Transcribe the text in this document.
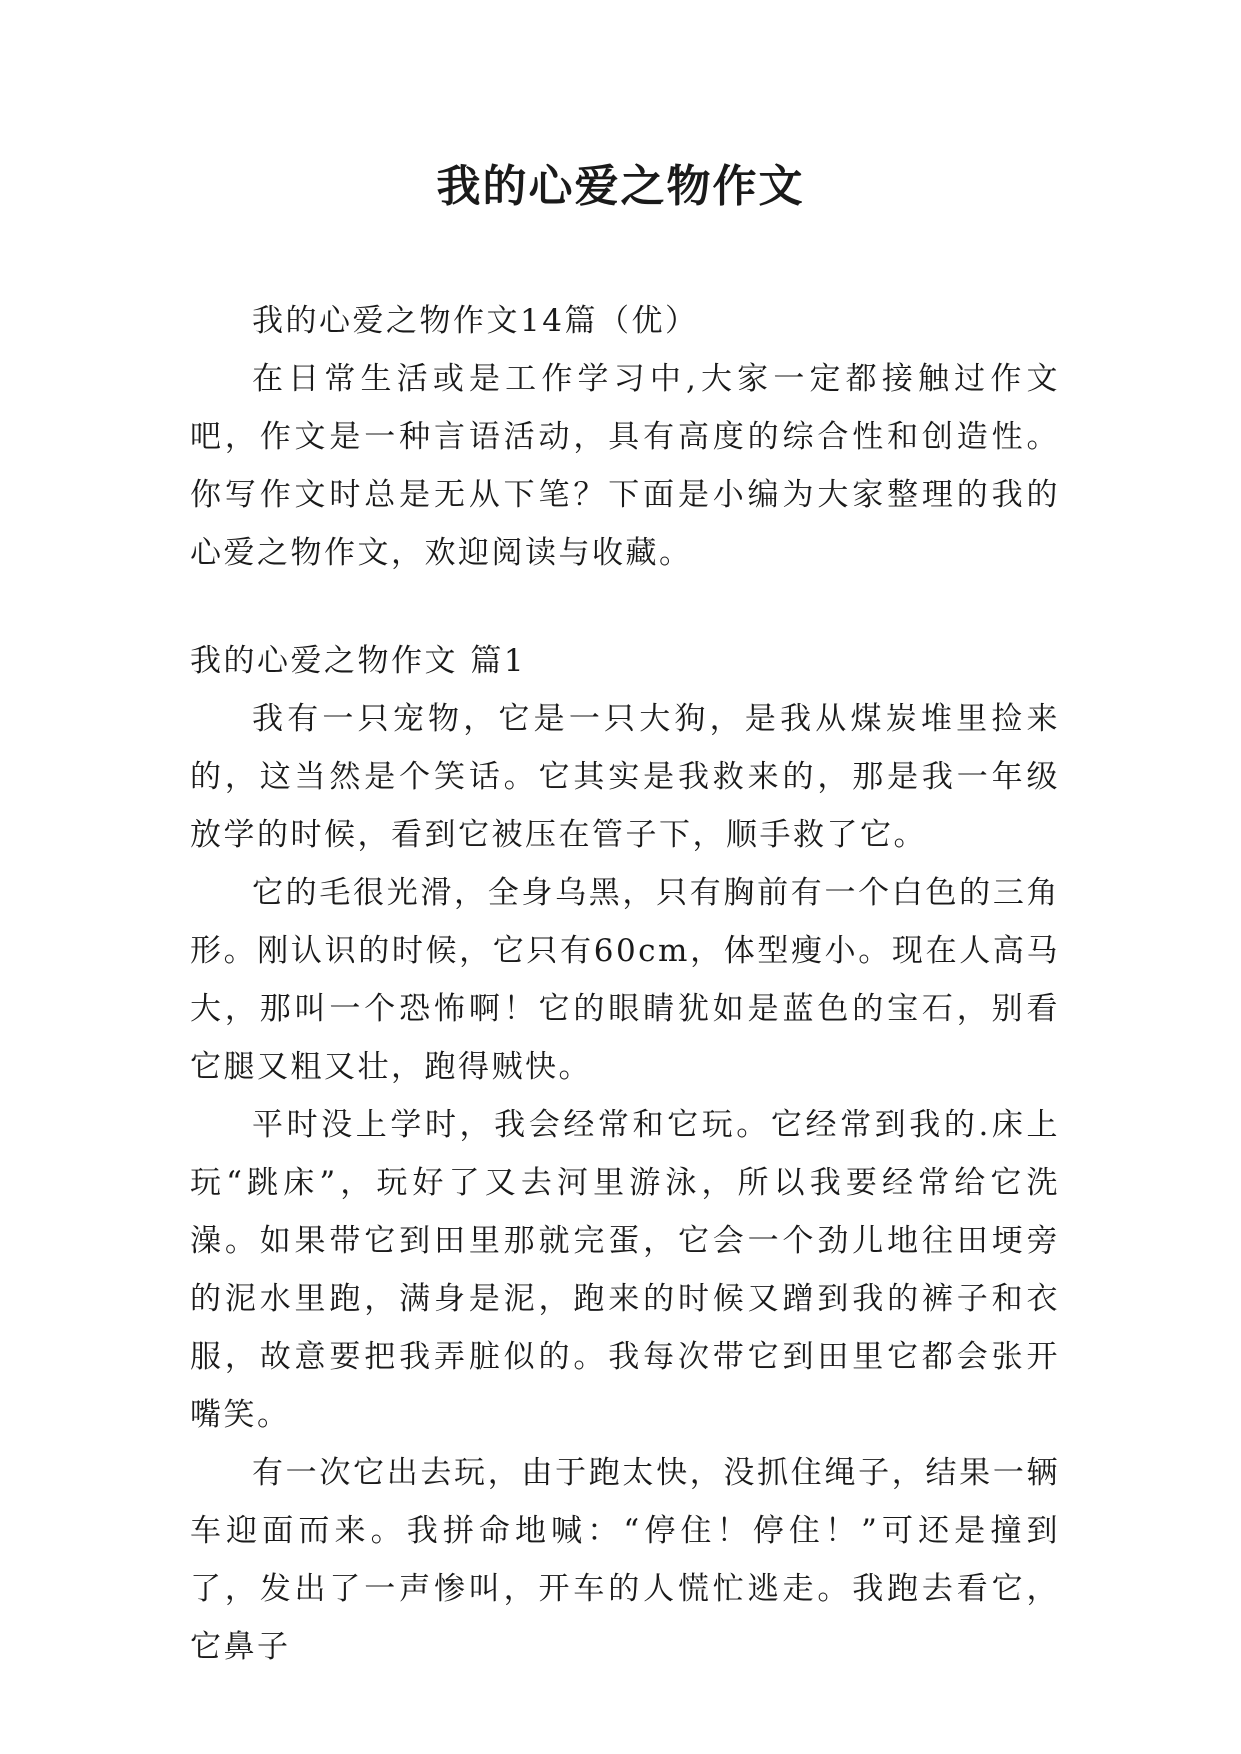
我的心爱之物作文

我的心爱之物作文14篇（优）

在日常生活或是工作学习中,大家一定都接触过作文吧，作文是一种言语活动，具有高度的综合性和创造性。你写作文时总是无从下笔？下面是小编为大家整理的我的心爱之物作文，欢迎阅读与收藏。

我的心爱之物作文 篇1

我有一只宠物，它是一只大狗，是我从煤炭堆里捡来的，这当然是个笑话。它其实是我救来的，那是我一年级放学的时候，看到它被压在管子下，顺手救了它。

它的毛很光滑，全身乌黑，只有胸前有一个白色的三角形。刚认识的时候，它只有60cm，体型瘦小。现在人高马大，那叫一个恐怖啊！它的眼睛犹如是蓝色的宝石，别看它腿又粗又壮，跑得贼快。

平时没上学时，我会经常和它玩。它经常到我的.床上玩“跳床”，玩好了又去河里游泳，所以我要经常给它洗澡。如果带它到田里那就完蛋，它会一个劲儿地往田埂旁的泥水里跑，满身是泥，跑来的时候又蹭到我的裤子和衣服，故意要把我弄脏似的。我每次带它到田里它都会张开嘴笑。

有一次它出去玩，由于跑太快，没抓住绳子，结果一辆车迎面而来。我拼命地喊：“停住！停住！”可还是撞到了，发出了一声惨叫，开车的人慌忙逃走。我跑去看它，它鼻子
